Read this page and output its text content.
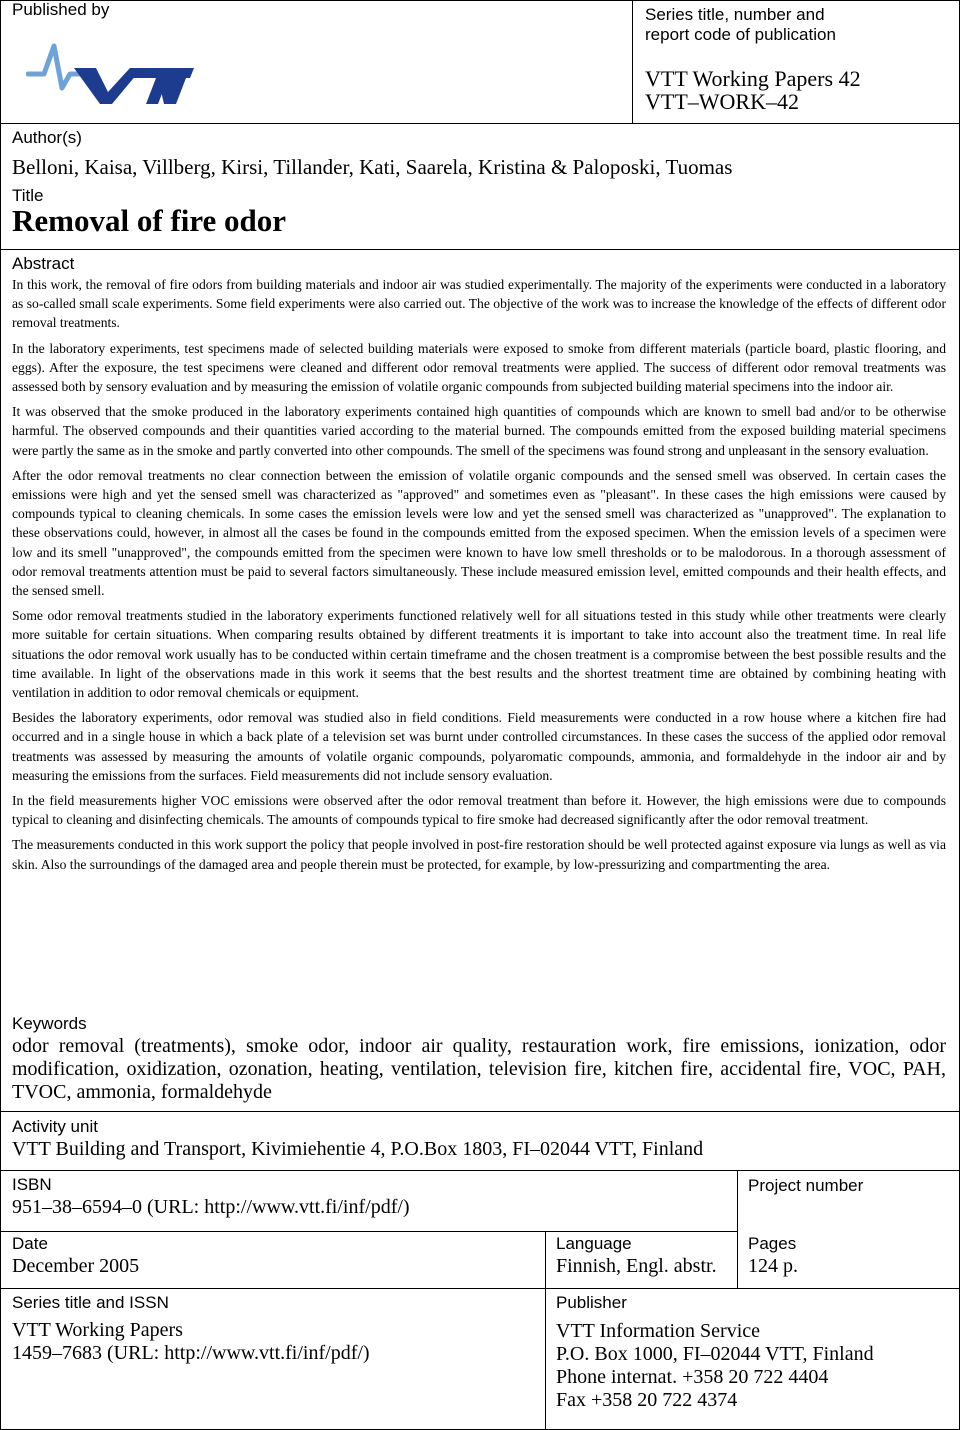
Published by	Series title, number and
report code of publication
VTT Working Papers 42
VTT–WORK–42
Author(s)
Belloni, Kaisa, Villberg, Kirsi, Tillander, Kati, Saarela, Kristina & Paloposki, Tuomas
Title
Removal of fire odor
Abstract

In this work, the removal of fire odors from building materials and indoor air was studied experimentally. The majority of the experiments were conducted in a laboratory as so-called small scale experiments. Some field experiments were also carried out. The objective of the work was to increase the knowledge of the effects of different odor removal treatments.

In the laboratory experiments, test specimens made of selected building materials were exposed to smoke from different materials (particle board, plastic flooring, and eggs). After the exposure, the test specimens were cleaned and different odor removal treatments were applied. The success of different odor removal treatments was assessed both by sensory evaluation and by measuring the emission of volatile organic compounds from subjected building material specimens into the indoor air.

It was observed that the smoke produced in the laboratory experiments contained high quantities of compounds which are known to smell bad and/or to be otherwise harmful. The observed compounds and their quantities varied according to the material burned. The compounds emitted from the exposed building material specimens were partly the same as in the smoke and partly converted into other compounds. The smell of the specimens was found strong and unpleasant in the sensory evaluation.

After the odor removal treatments no clear connection between the emission of volatile organic compounds and the sensed smell was observed. In certain cases the emissions were high and yet the sensed smell was characterized as "approved" and sometimes even as "pleasant". In these cases the high emissions were caused by compounds typical to cleaning chemicals. In some cases the emission levels were low and yet the sensed smell was characterized as "unapproved". The explanation to these observations could, however, in almost all the cases be found in the compounds emitted from the exposed specimen. When the emission levels of a specimen were low and its smell "unapproved", the compounds emitted from the specimen were known to have low smell thresholds or to be malodorous. In a thorough assessment of odor removal treatments attention must be paid to several factors simultaneously. These include measured emission level, emitted compounds and their health effects, and the sensed smell.

Some odor removal treatments studied in the laboratory experiments functioned relatively well for all situations tested in this study while other treatments were clearly more suitable for certain situations. When comparing results obtained by different treatments it is important to take into account also the treatment time. In real life situations the odor removal work usually has to be conducted within certain timeframe and the chosen treatment is a compromise between the best possible results and the time available. In light of the observations made in this work it seems that the best results and the shortest treatment time are obtained by combining heating with ventilation in addition to odor removal chemicals or equipment.

Besides the laboratory experiments, odor removal was studied also in field conditions. Field measurements were conducted in a row house where a kitchen fire had occurred and in a single house in which a back plate of a television set was burnt under controlled circumstances. In these cases the success of the applied odor removal treatments was assessed by measuring the amounts of volatile organic compounds, polyaromatic compounds, ammonia, and formaldehyde in the indoor air and by measuring the emissions from the surfaces. Field measurements did not include sensory evaluation.

In the field measurements higher VOC emissions were observed after the odor removal treatment than before it. However, the high emissions were due to compounds typical to cleaning and disinfecting chemicals. The amounts of compounds typical to fire smoke had decreased significantly after the odor removal treatment.

The measurements conducted in this work support the policy that people involved in post-fire restoration should be well protected against exposure via lungs as well as via skin. Also the surroundings of the damaged area and people therein must be protected, for example, by low-pressurizing and compartmenting the area.

Keywords
odor removal (treatments), smoke odor, indoor air quality, restauration work, fire emissions, ionization, odor modification, oxidization, ozonation, heating, ventilation, television fire, kitchen fire, accidental fire, VOC, PAH, TVOC, ammonia, formaldehyde
Activity unit
VTT Building and Transport, Kivimiehentie 4, P.O.Box 1803, FI–02044 VTT, Finland
ISBN
951–38–6594–0 (URL: http://www.vtt.fi/inf/pdf/)
Project number
Date
December 2005
Language
Finnish, Engl. abstr.
Pages
124 p.
Series title and ISSN
VTT Working Papers
1459–7683 (URL: http://www.vtt.fi/inf/pdf/)
Publisher
VTT Information Service
P.O. Box 1000, FI–02044 VTT, Finland
Phone internat. +358 20 722 4404
Fax +358 20 722 4374
